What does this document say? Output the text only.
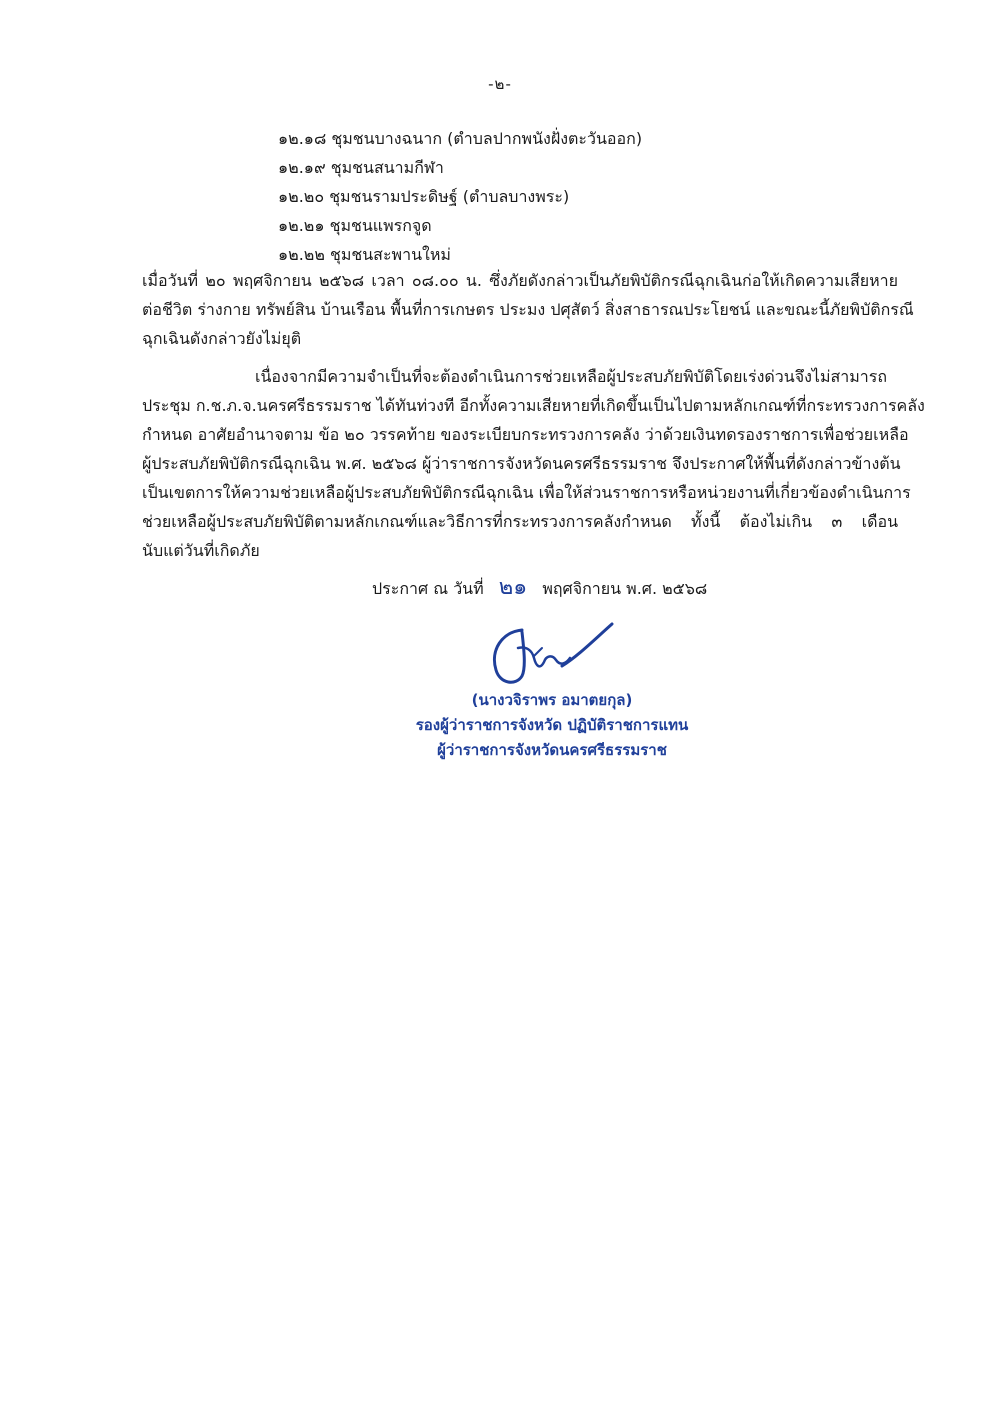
-๒-
๑๒.๑๘ ชุมชนบางฉนาก (ตำบลปากพนังฝั่งตะวันออก)
๑๒.๑๙ ชุมชนสนามกีฬา
๑๒.๒๐ ชุมชนรามประดิษฐ์ (ตำบลบางพระ)
๑๒.๒๑ ชุมชนแพรกจูด
๑๒.๒๒ ชุมชนสะพานใหม่
เมื่อวันที่ ๒๐ พฤศจิกายน ๒๕๖๘ เวลา ๐๘.๐๐ น. ซึ่งภัยดังกล่าวเป็นภัยพิบัติกรณีฉุกเฉินก่อให้เกิดความเสียหาย
ต่อชีวิต ร่างกาย ทรัพย์สิน บ้านเรือน พื้นที่การเกษตร ประมง ปศุสัตว์ สิ่งสาธารณประโยชน์ และขณะนี้ภัยพิบัติกรณี
ฉุกเฉินดังกล่าวยังไม่ยุติ
เนื่องจากมีความจำเป็นที่จะต้องดำเนินการช่วยเหลือผู้ประสบภัยพิบัติโดยเร่งด่วนจึงไม่สามารถ
ประชุม ก.ช.ภ.จ.นครศรีธรรมราช ได้ทันท่วงที อีกทั้งความเสียหายที่เกิดขึ้นเป็นไปตามหลักเกณฑ์ที่กระทรวงการคลัง
กำหนด อาศัยอำนาจตาม ข้อ ๒๐ วรรคท้าย ของระเบียบกระทรวงการคลัง ว่าด้วยเงินทดรองราชการเพื่อช่วยเหลือ
ผู้ประสบภัยพิบัติกรณีฉุกเฉิน พ.ศ. ๒๕๖๘ ผู้ว่าราชการจังหวัดนครศรีธรรมราช จึงประกาศให้พื้นที่ดังกล่าวข้างต้น
เป็นเขตการให้ความช่วยเหลือผู้ประสบภัยพิบัติกรณีฉุกเฉิน เพื่อให้ส่วนราชการหรือหน่วยงานที่เกี่ยวข้องดำเนินการ
ช่วยเหลือผู้ประสบภัยพิบัติตามหลักเกณฑ์และวิธีการที่กระทรวงการคลังกำหนด ทั้งนี้ ต้องไม่เกิน ๓ เดือน
นับแต่วันที่เกิดภัย
ประกาศ ณ วันที่ ๒๑ พฤศจิกายน พ.ศ. ๒๕๖๘
(นางวจิราพร อมาตยกุล)
รองผู้ว่าราชการจังหวัด ปฏิบัติราชการแทน
ผู้ว่าราชการจังหวัดนครศรีธรรมราช
